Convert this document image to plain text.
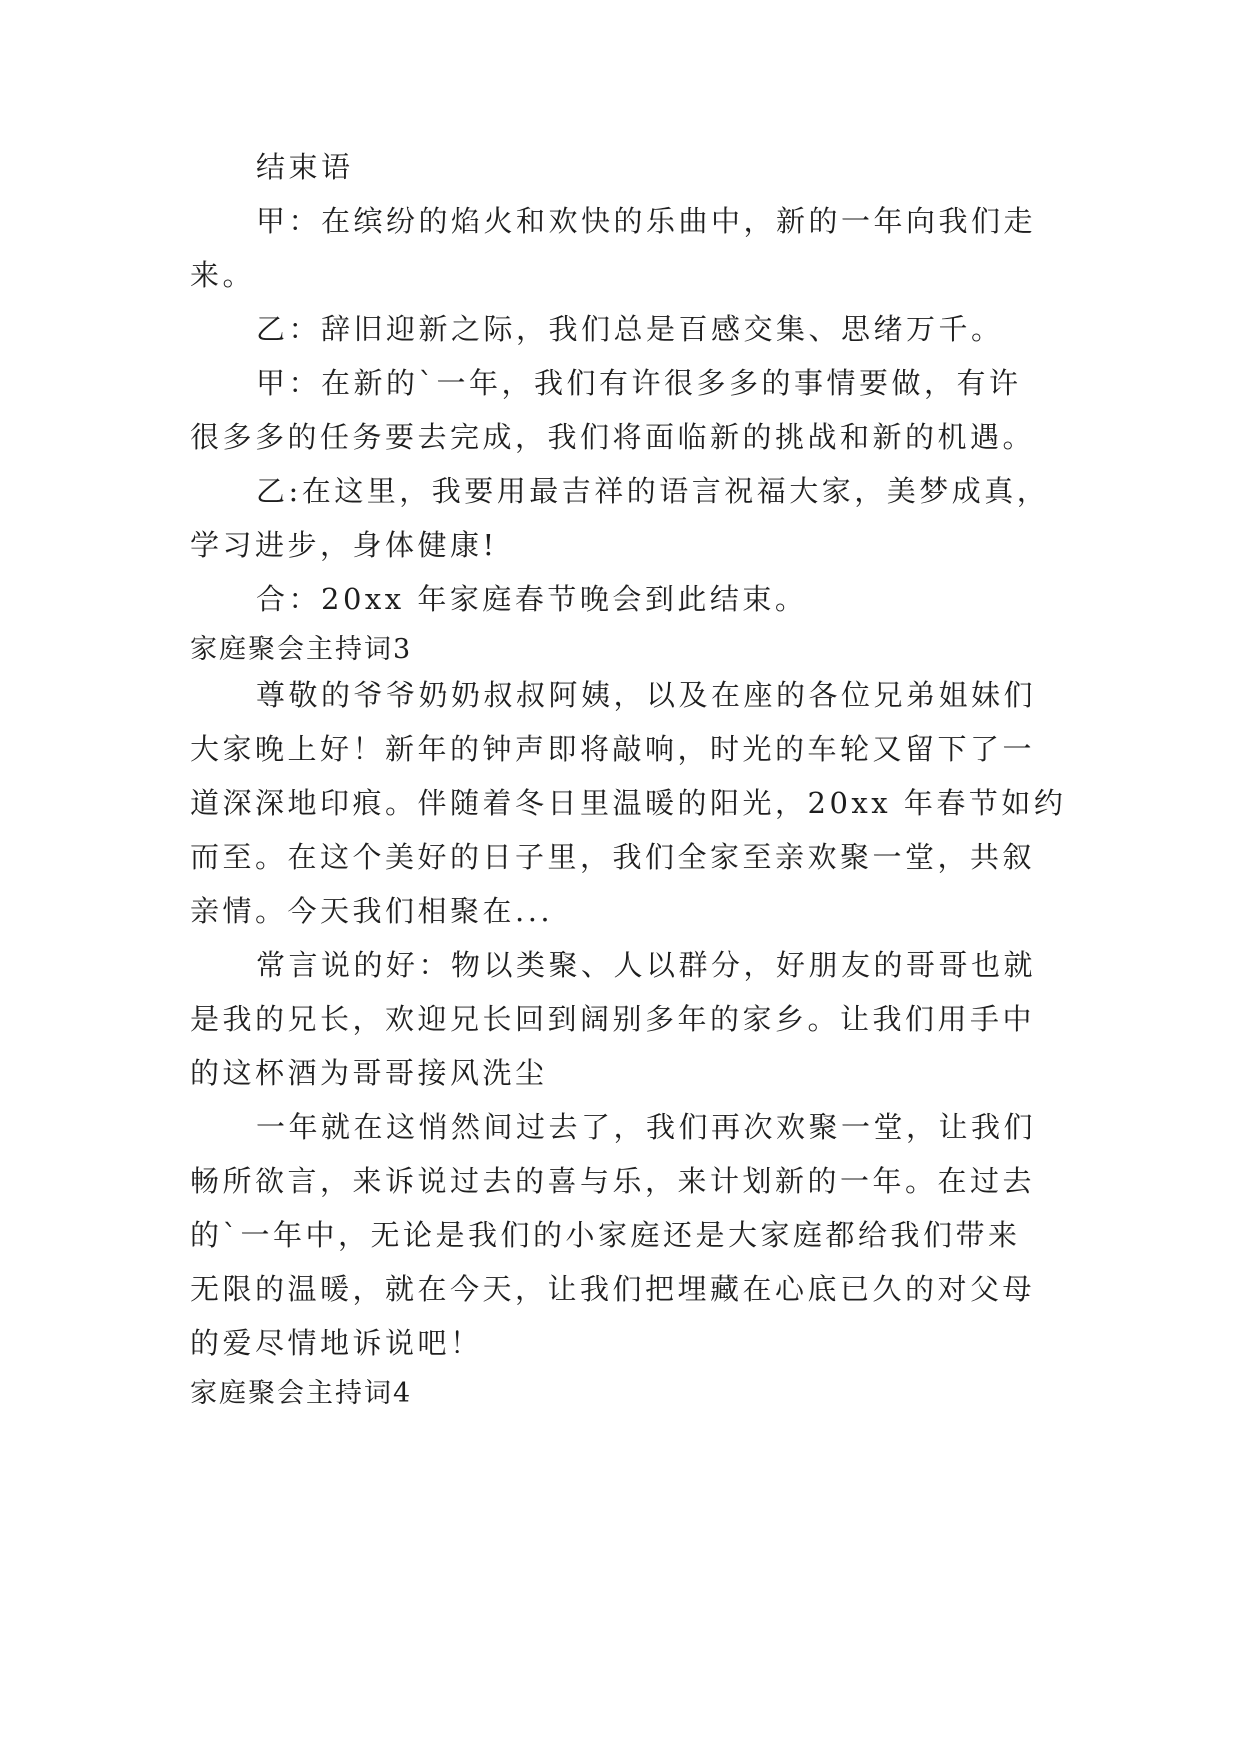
结束语
甲：在缤纷的焰火和欢快的乐曲中，新的一年向我们走
来。
乙：辞旧迎新之际，我们总是百感交集、思绪万千。
甲：在新的`一年，我们有许很多多的事情要做，有许
很多多的任务要去完成，我们将面临新的挑战和新的机遇。
乙:在这里，我要用最吉祥的语言祝福大家，美梦成真，
学习进步，身体健康!
合：20xx 年家庭春节晚会到此结束。
家庭聚会主持词3
尊敬的爷爷奶奶叔叔阿姨，以及在座的各位兄弟姐妹们
大家晚上好！新年的钟声即将敲响，时光的车轮又留下了一
道深深地印痕。伴随着冬日里温暖的阳光，20xx 年春节如约
而至。在这个美好的日子里，我们全家至亲欢聚一堂，共叙
亲情。今天我们相聚在...
常言说的好：物以类聚、人以群分，好朋友的哥哥也就
是我的兄长，欢迎兄长回到阔别多年的家乡。让我们用手中
的这杯酒为哥哥接风洗尘
一年就在这悄然间过去了，我们再次欢聚一堂，让我们
畅所欲言，来诉说过去的喜与乐，来计划新的一年。在过去
的`一年中，无论是我们的小家庭还是大家庭都给我们带来
无限的温暖，就在今天，让我们把埋藏在心底已久的对父母
的爱尽情地诉说吧！
家庭聚会主持词4
